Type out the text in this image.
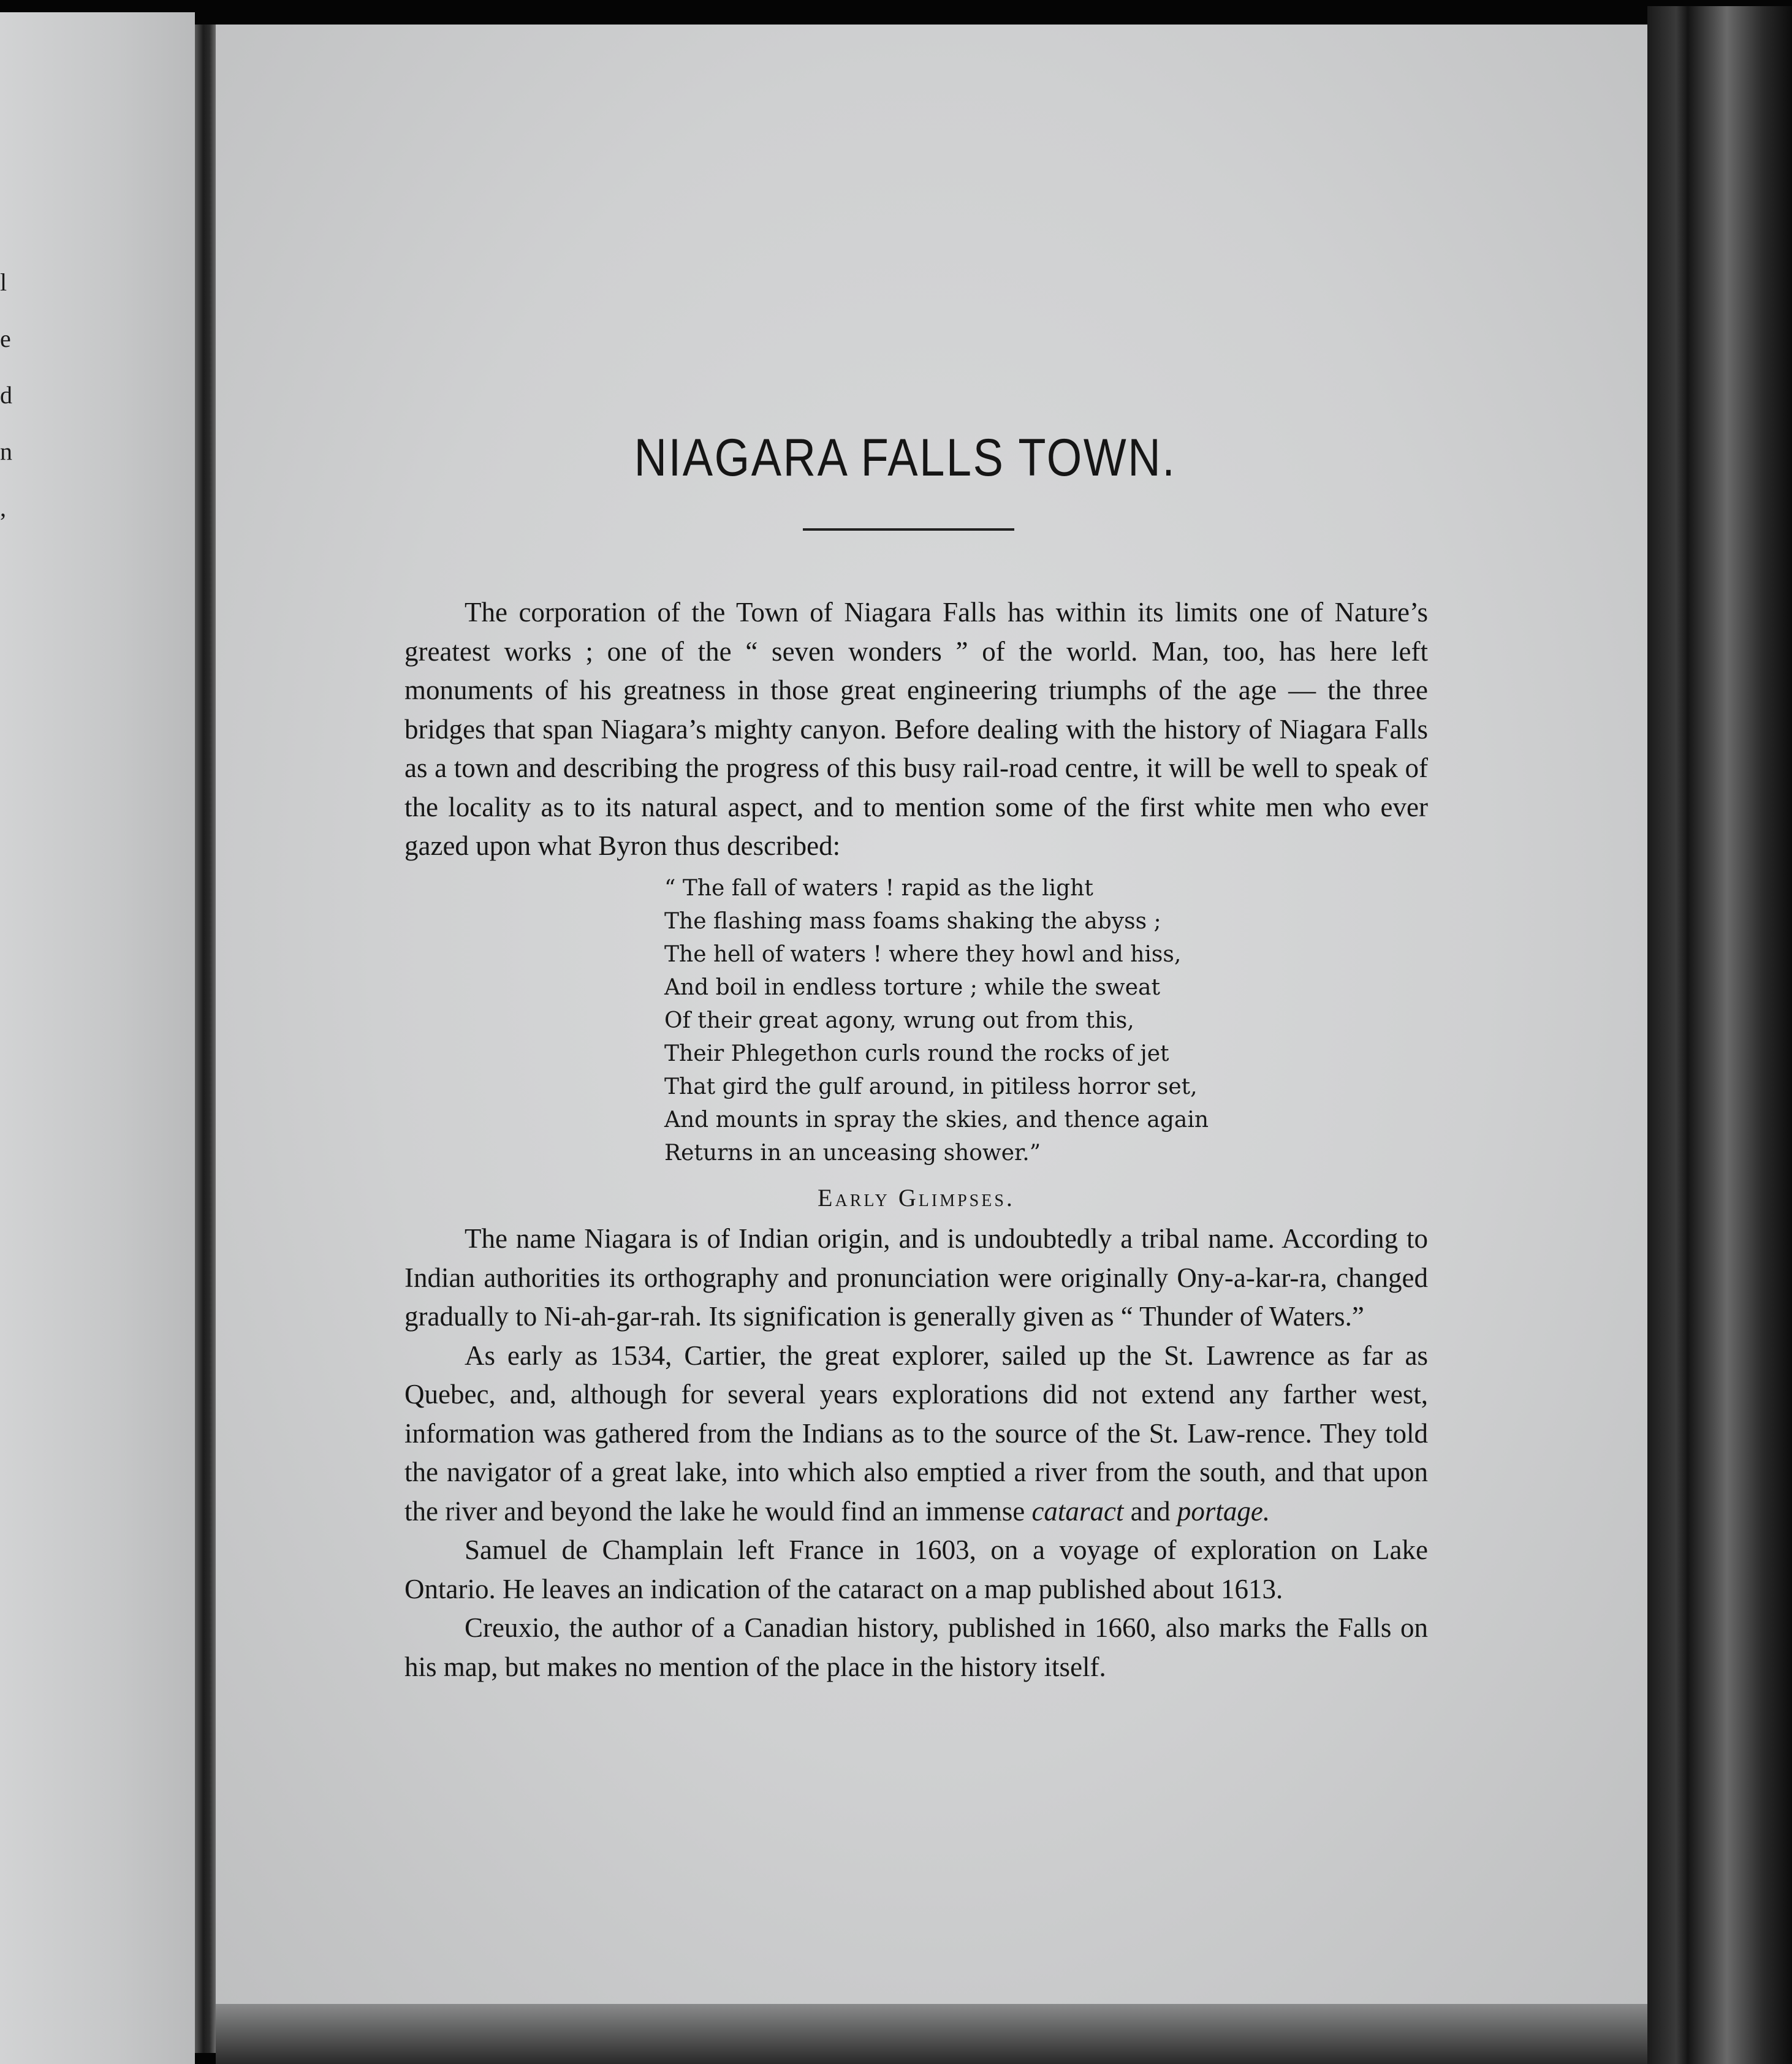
l
e
d
n
,
NIAGARA FALLS TOWN.

The corporation of the Town of Niagara Falls has within its limits one of Nature’s greatest works ; one of the “ seven wonders ” of the world. Man, too, has here left monuments of his greatness in those great engineering triumphs of the age — the three bridges that span Niagara’s mighty canyon. Before dealing with the history of Niagara Falls as a town and describing the progress of this busy rail-road centre, it will be well to speak of the locality as to its natural aspect, and to mention some of the first white men who ever gazed upon what Byron thus described:

“ The fall of waters ! rapid as the light
The flashing mass foams shaking the abyss ;
The hell of waters ! where they howl and hiss,
And boil in endless torture ; while the sweat
Of their great agony, wrung out from this,
Their Phlegethon curls round the rocks of jet
That gird the gulf around, in pitiless horror set,
And mounts in spray the skies, and thence again
Returns in an unceasing shower.”
Early Glimpses.

The name Niagara is of Indian origin, and is undoubtedly a tribal name. According to Indian authorities its orthography and pronunciation were originally Ony-a-kar-ra, changed gradually to Ni-ah-gar-rah. Its signification is generally given as “ Thunder of Waters.”

As early as 1534, Cartier, the great explorer, sailed up the St. Lawrence as far as Quebec, and, although for several years explorations did not extend any farther west, information was gathered from the Indians as to the source of the St. Law-rence. They told the navigator of a great lake, into which also emptied a river from the south, and that upon the river and beyond the lake he would find an immense cataract and portage.

Samuel de Champlain left France in 1603, on a voyage of exploration on Lake Ontario. He leaves an indication of the cataract on a map published about 1613.

Creuxio, the author of a Canadian history, published in 1660, also marks the Falls on his map, but makes no mention of the place in the history itself.
